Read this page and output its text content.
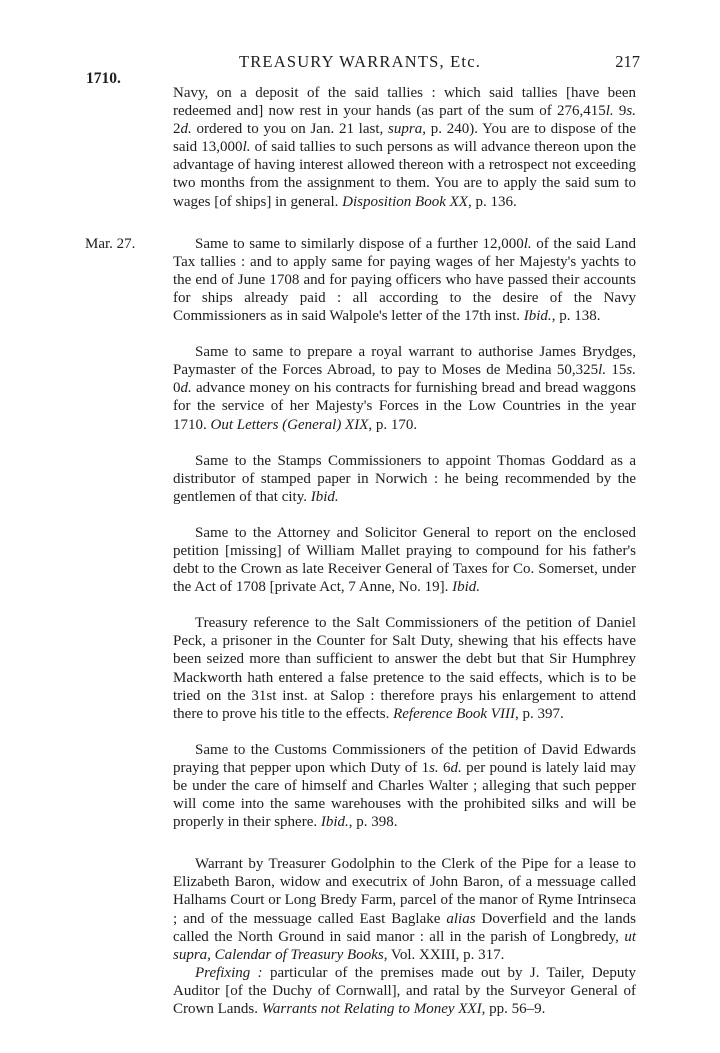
TREASURY WARRANTS, Etc.	217
1710.

Navy, on a deposit of the said tallies : which said tallies [have been redeemed and] now rest in your hands (as part of the sum of 276,415l. 9s. 2d. ordered to you on Jan. 21 last, supra, p. 240). You are to dispose of the said 13,000l. of said tallies to such persons as will advance thereon upon the advantage of having interest allowed thereon with a retrospect not exceeding two months from the assignment to them. You are to apply the said sum to wages [of ships] in general. Disposition Book XX, p. 136.

Mar. 27.	Same to same to similarly dispose of a further 12,000l. of the said Land Tax tallies : and to apply same for paying wages of her Majesty's yachts to the end of June 1708 and for paying officers who have passed their accounts for ships already paid : all according to the desire of the Navy Commissioners as in said Walpole's letter of the 17th inst. Ibid., p. 138.

Same to same to prepare a royal warrant to authorise James Brydges, Paymaster of the Forces Abroad, to pay to Moses de Medina 50,325l. 15s. 0d. advance money on his contracts for furnishing bread and bread waggons for the service of her Majesty's Forces in the Low Countries in the year 1710. Out Letters (General) XIX, p. 170.

Same to the Stamps Commissioners to appoint Thomas Goddard as a distributor of stamped paper in Norwich : he being recommended by the gentlemen of that city. Ibid.

Same to the Attorney and Solicitor General to report on the enclosed petition [missing] of William Mallet praying to compound for his father's debt to the Crown as late Receiver General of Taxes for Co. Somerset, under the Act of 1708 [private Act, 7 Anne, No. 19]. Ibid.

Treasury reference to the Salt Commissioners of the petition of Daniel Peck, a prisoner in the Counter for Salt Duty, shewing that his effects have been seized more than sufficient to answer the debt but that Sir Humphrey Mackworth hath entered a false pretence to the said effects, which is to be tried on the 31st inst. at Salop : therefore prays his enlargement to attend there to prove his title to the effects. Reference Book VIII, p. 397.

Same to the Customs Commissioners of the petition of David Edwards praying that pepper upon which Duty of 1s. 6d. per pound is lately laid may be under the care of himself and Charles Walter ; alleging that such pepper will come into the same warehouses with the prohibited silks and will be properly in their sphere. Ibid., p. 398.

Warrant by Treasurer Godolphin to the Clerk of the Pipe for a lease to Elizabeth Baron, widow and executrix of John Baron, of a messuage called Halhams Court or Long Bredy Farm, parcel of the manor of Ryme Intrinseca ; and of the messuage called East Baglake alias Doverfield and the lands called the North Ground in said manor : all in the parish of Longbredy, ut supra, Calendar of Treasury Books, Vol. XXIII, p. 317.

Prefixing : particular of the premises made out by J. Tailer, Deputy Auditor [of the Duchy of Cornwall], and ratal by the Surveyor General of Crown Lands. Warrants not Relating to Money XXI, pp. 56–9.
